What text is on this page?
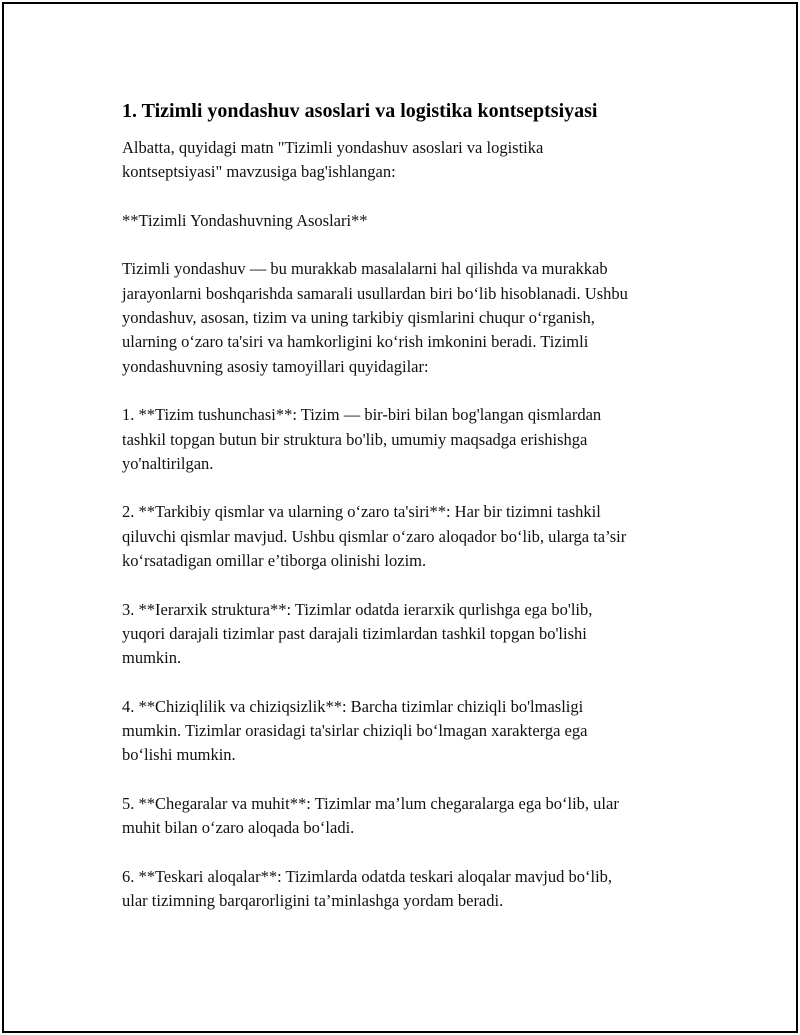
1. Tizimli yondashuv asoslari va logistika kontseptsiyasi

Albatta, quyidagi matn "Tizimli yondashuv asoslari va logistika
kontseptsiyasi" mavzusiga bag'ishlangan:

**Tizimli Yondashuvning Asoslari**

Tizimli yondashuv — bu murakkab masalalarni hal qilishda va murakkab
jarayonlarni boshqarishda samarali usullardan biri bo‘lib hisoblanadi. Ushbu
yondashuv, asosan, tizim va uning tarkibiy qismlarini chuqur o‘rganish,
ularning o‘zaro ta'siri va hamkorligini ko‘rish imkonini beradi. Tizimli
yondashuvning asosiy tamoyillari quyidagilar:

1. **Tizim tushunchasi**: Tizim — bir-biri bilan bog'langan qismlardan
tashkil topgan butun bir struktura bo'lib, umumiy maqsadga erishishga
yo'naltirilgan.

2. **Tarkibiy qismlar va ularning o‘zaro ta'siri**: Har bir tizimni tashkil
qiluvchi qismlar mavjud. Ushbu qismlar o‘zaro aloqador bo‘lib, ularga ta’sir
ko‘rsatadigan omillar e’tiborga olinishi lozim.

3. **Ierarxik struktura**: Tizimlar odatda ierarxik qurlishga ega bo'lib,
yuqori darajali tizimlar past darajali tizimlardan tashkil topgan bo'lishi
mumkin.

4. **Chiziqlilik va chiziqsizlik**: Barcha tizimlar chiziqli bo'lmasligi
mumkin. Tizimlar orasidagi ta'sirlar chiziqli bo‘lmagan xarakterga ega
bo‘lishi mumkin.

5. **Chegaralar va muhit**: Tizimlar ma’lum chegaralarga ega bo‘lib, ular
muhit bilan o‘zaro aloqada bo‘ladi.

6. **Teskari aloqalar**: Tizimlarda odatda teskari aloqalar mavjud bo‘lib,
ular tizimning barqarorligini ta’minlashga yordam beradi.
